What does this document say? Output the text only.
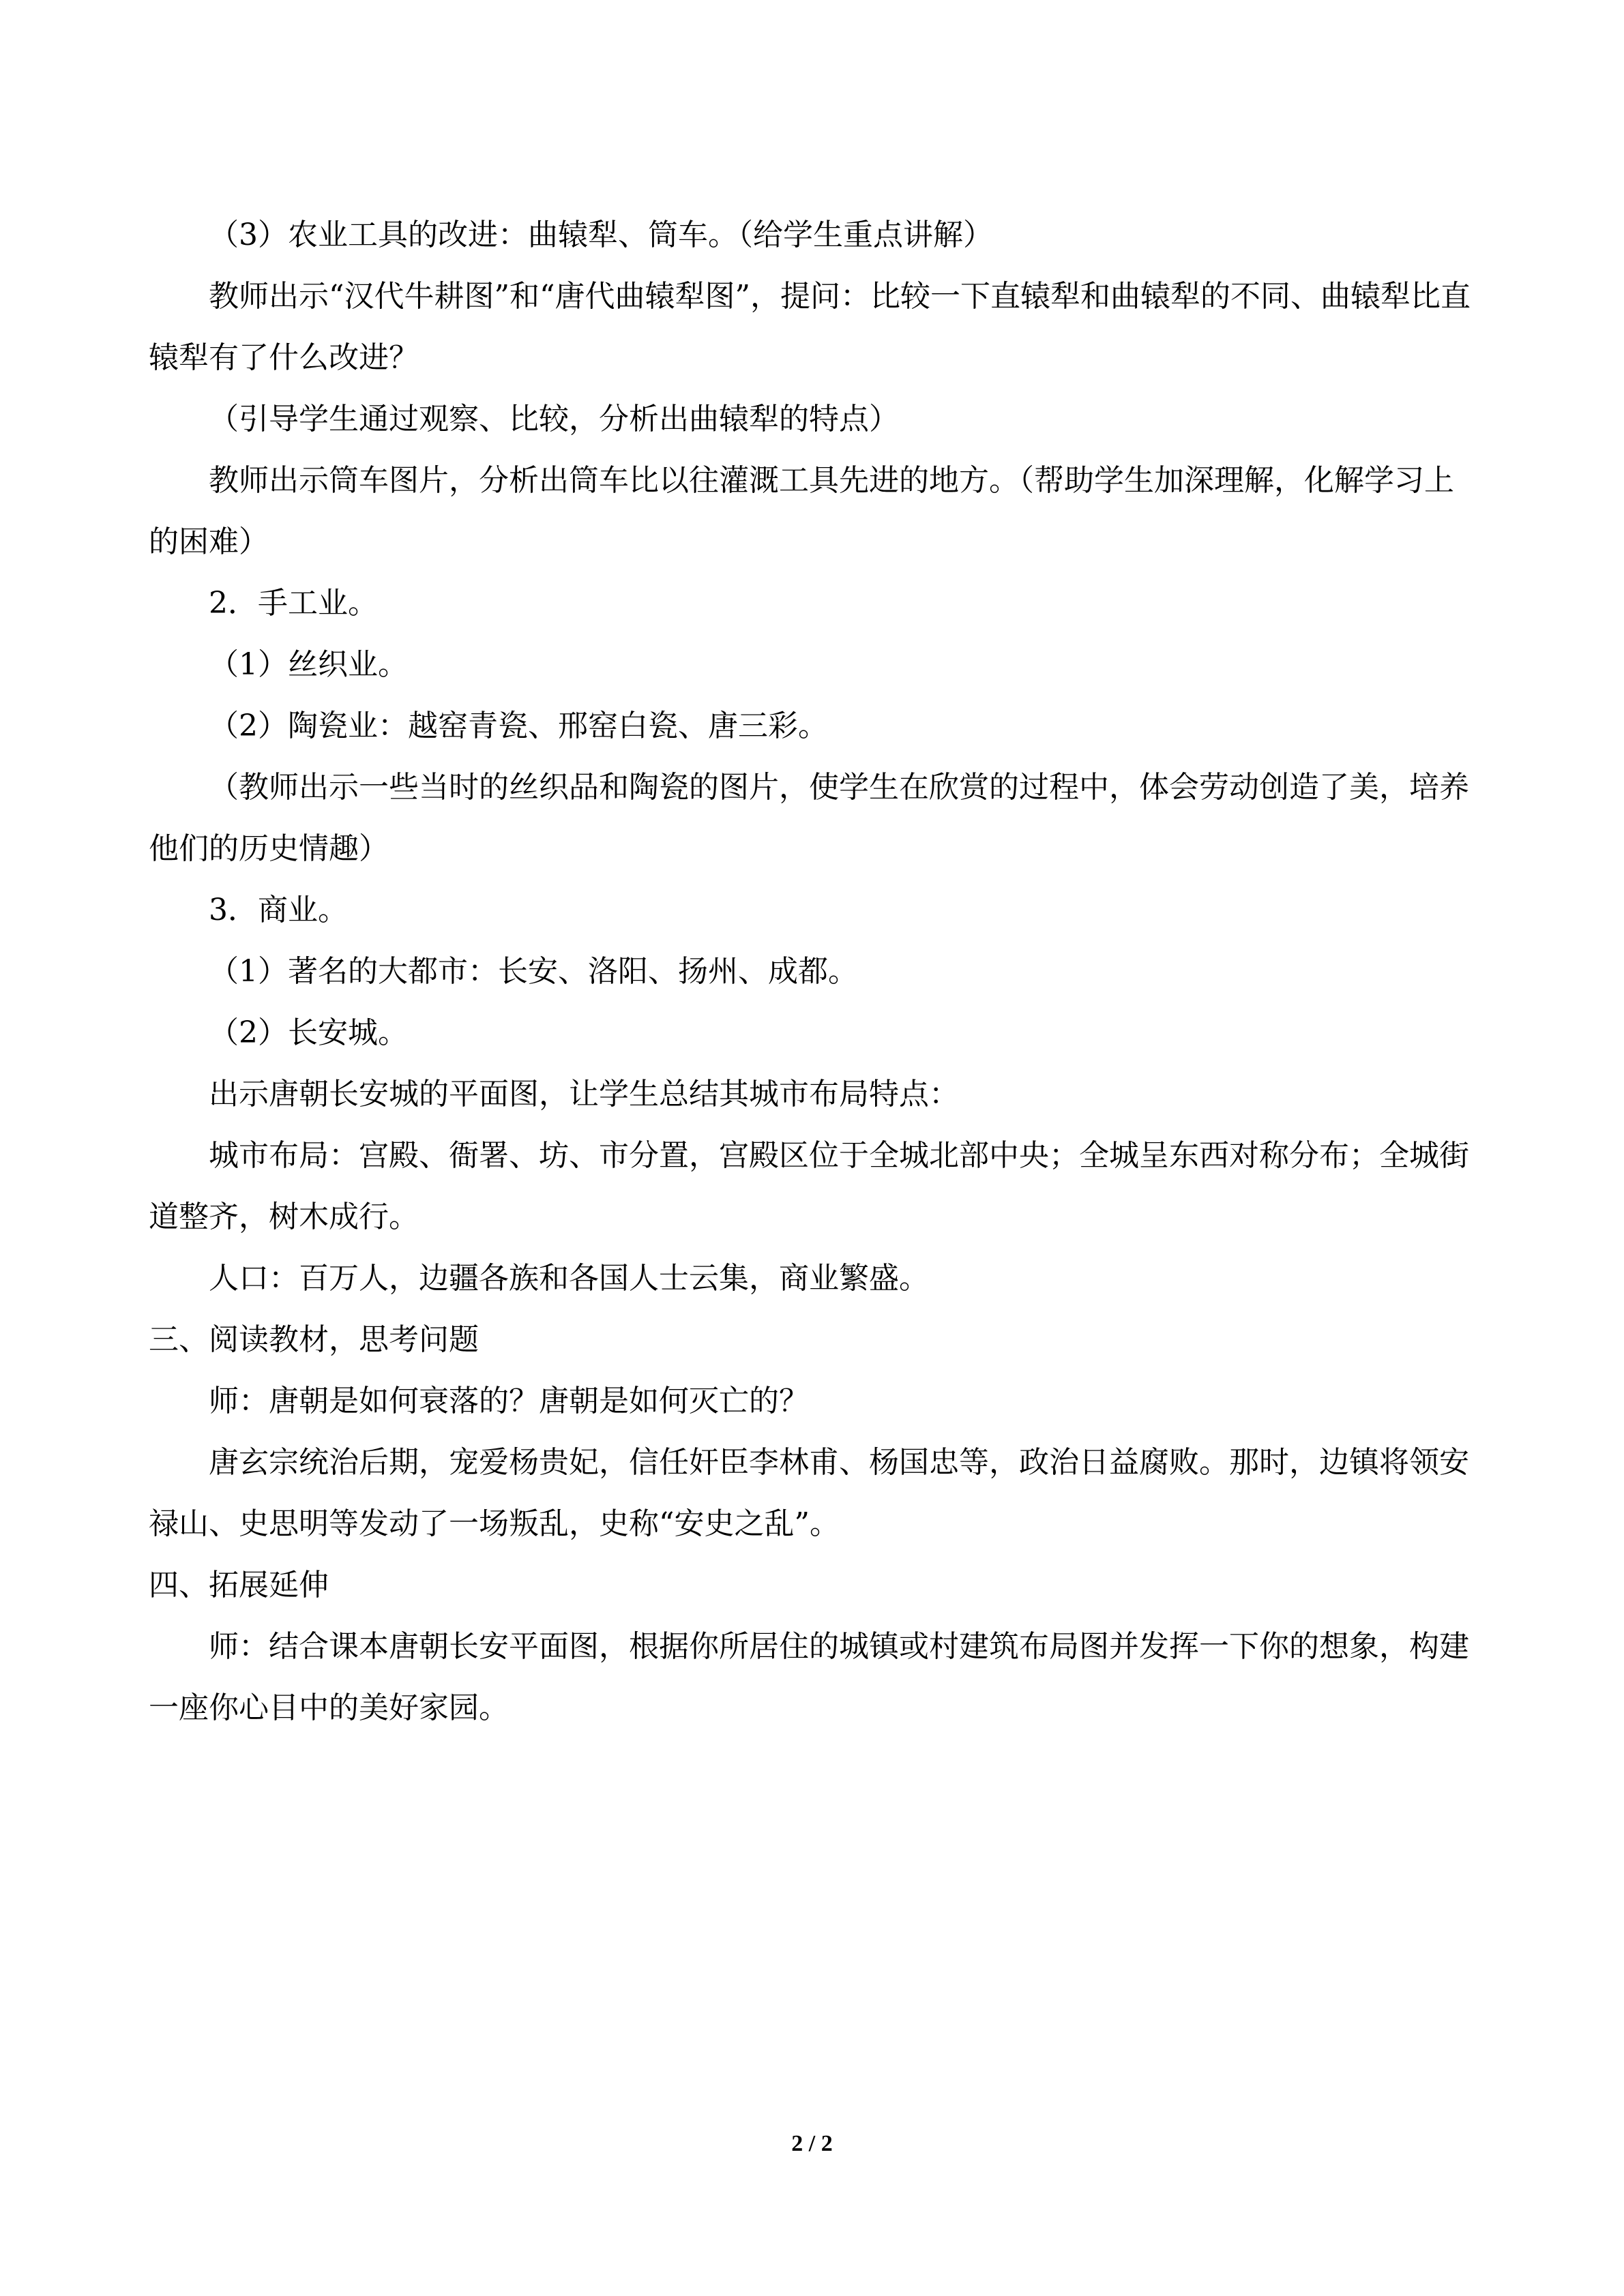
（3）农业工具的改进：曲辕犁、筒车。（给学生重点讲解）

教师出示“汉代牛耕图”和“唐代曲辕犁图”，提问：比较一下直辕犁和曲辕犁的不同、曲辕犁比直辕犁有了什么改进？

（引导学生通过观察、比较，分析出曲辕犁的特点）

教师出示筒车图片，分析出筒车比以往灌溉工具先进的地方。（帮助学生加深理解，化解学习上的困难）

2．手工业。

（1）丝织业。

（2）陶瓷业：越窑青瓷、邢窑白瓷、唐三彩。

（教师出示一些当时的丝织品和陶瓷的图片，使学生在欣赏的过程中，体会劳动创造了美，培养他们的历史情趣）

3．商业。

（1）著名的大都市：长安、洛阳、扬州、成都。

（2）长安城。

出示唐朝长安城的平面图，让学生总结其城市布局特点：

城市布局：宫殿、衙署、坊、市分置，宫殿区位于全城北部中央；全城呈东西对称分布；全城街道整齐，树木成行。

人口：百万人，边疆各族和各国人士云集，商业繁盛。

三、阅读教材，思考问题

师：唐朝是如何衰落的？唐朝是如何灭亡的？

唐玄宗统治后期，宠爱杨贵妃，信任奸臣李林甫、杨国忠等，政治日益腐败。那时，边镇将领安禄山、史思明等发动了一场叛乱，史称“安史之乱”。

四、拓展延伸

师：结合课本唐朝长安平面图，根据你所居住的城镇或村建筑布局图并发挥一下你的想象，构建一座你心目中的美好家园。

2 / 2
